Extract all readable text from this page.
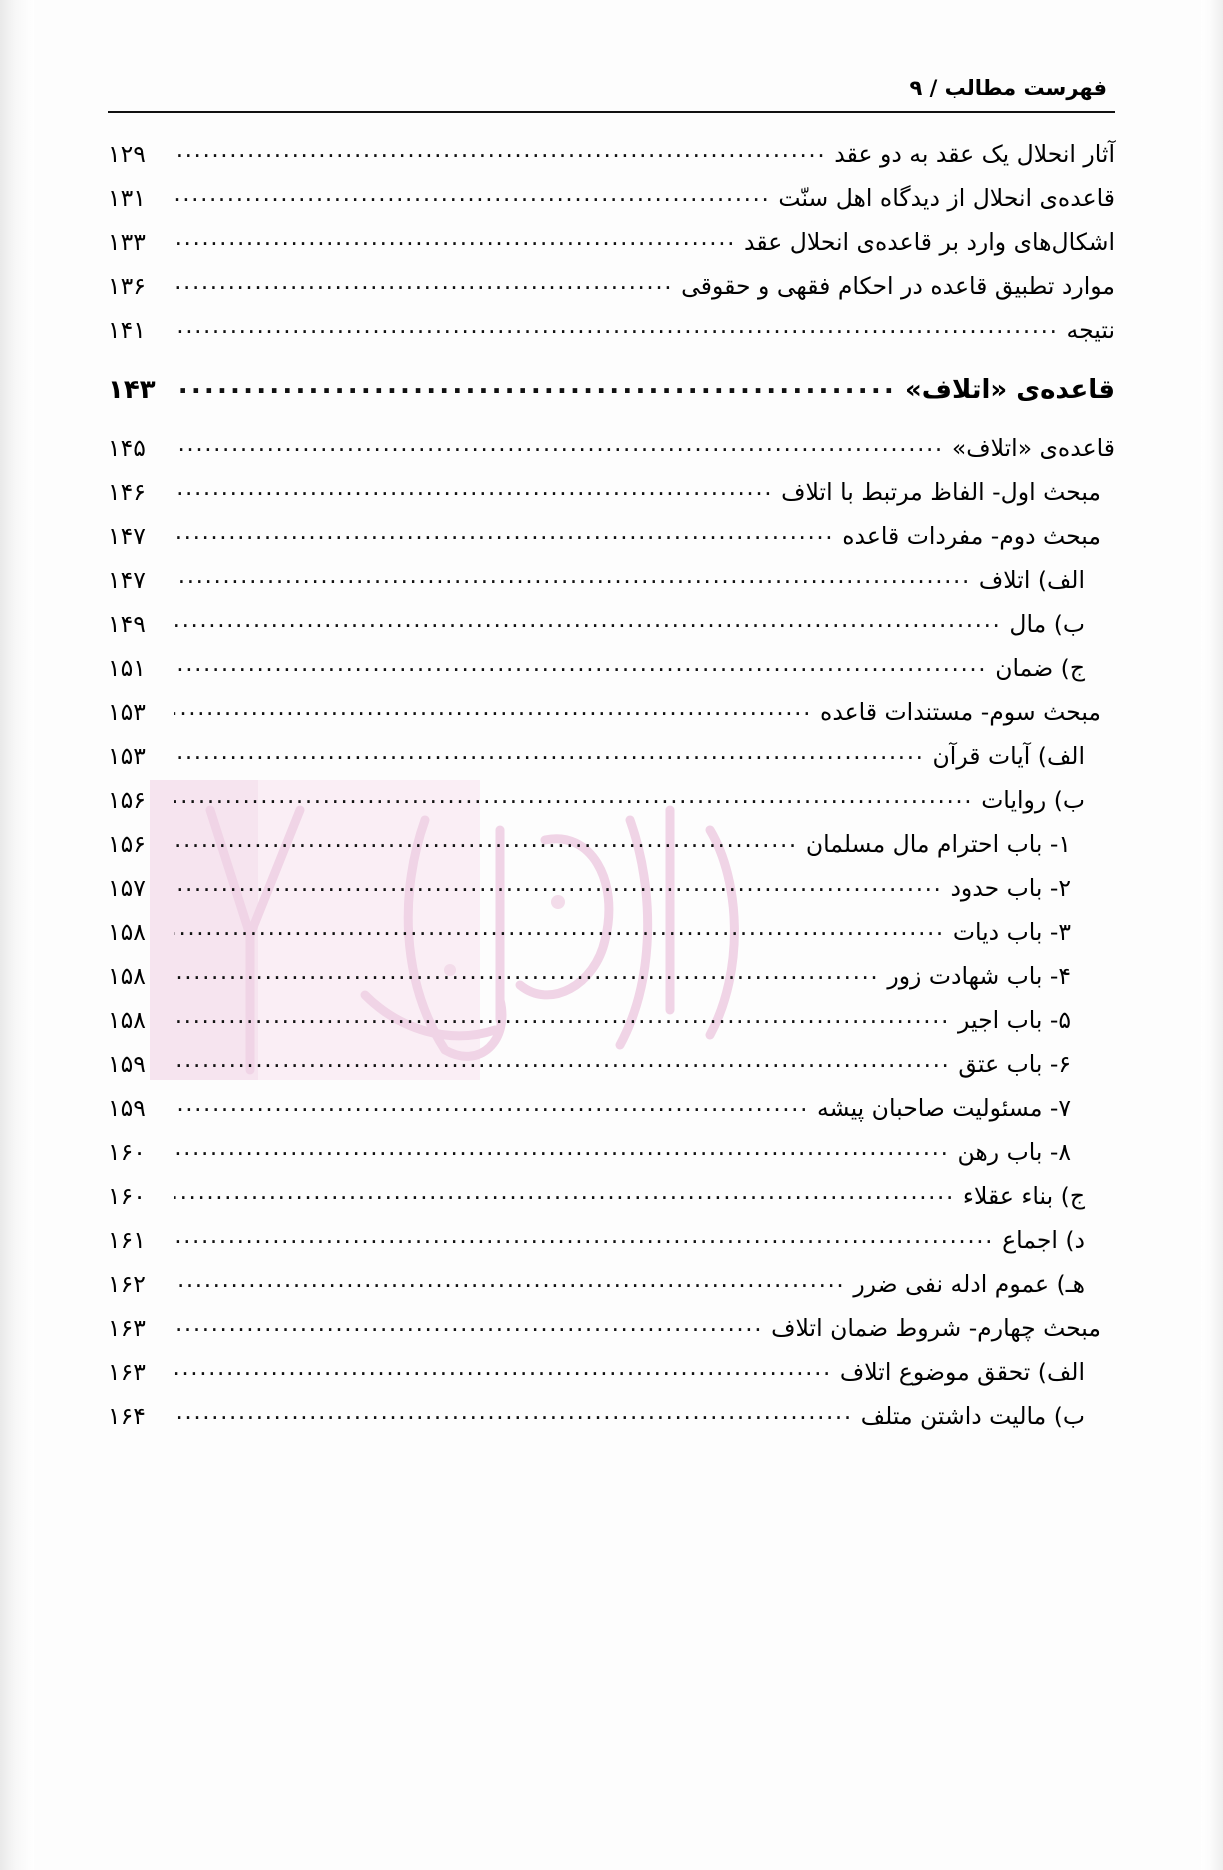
فهرست مطالب / ۹
آثار انحلال یک عقد به دو عقد
.....
۱۲۹
قاعده‌ی انحلال از دیدگاه اهل سنّت
.....
۱۳۱
اشکال‌های وارد بر قاعده‌ی انحلال عقد
.....
۱۳۳
موارد تطبیق قاعده در احکام فقهی و حقوقی
.....
۱۳۶
نتیجه
.....
۱۴۱
قاعده‌ی «اتلاف»
.....
۱۴۳
قاعده‌ی «اتلاف»
.....
۱۴۵
مبحث اول- الفاظ مرتبط با اتلاف
.....
۱۴۶
مبحث دوم- مفردات قاعده
.....
۱۴۷
الف) اتلاف
.....
۱۴۷
ب) مال
.....
۱۴۹
ج) ضمان
.....
۱۵۱
مبحث سوم- مستندات قاعده
.....
۱۵۳
الف) آیات قرآن
.....
۱۵۳
ب) روایات
.....
۱۵۶
۱- باب احترام مال مسلمان
.....
۱۵۶
۲- باب حدود
.....
۱۵۷
۳- باب دیات
.....
۱۵۸
۴- باب شهادت زور
.....
۱۵۸
۵- باب اجیر
.....
۱۵۸
۶- باب عتق
.....
۱۵۹
۷- مسئولیت صاحبان پیشه
.....
۱۵۹
۸- باب رهن
.....
۱۶۰
ج) بناء عقلاء
.....
۱۶۰
د) اجماع
.....
۱۶۱
هـ) عموم ادله نفی ضرر
.....
۱۶۲
مبحث چهارم- شروط ضمان اتلاف
.....
۱۶۳
الف) تحقق موضوع اتلاف
.....
۱۶۳
ب) مالیت داشتن متلف
.....
۱۶۴
